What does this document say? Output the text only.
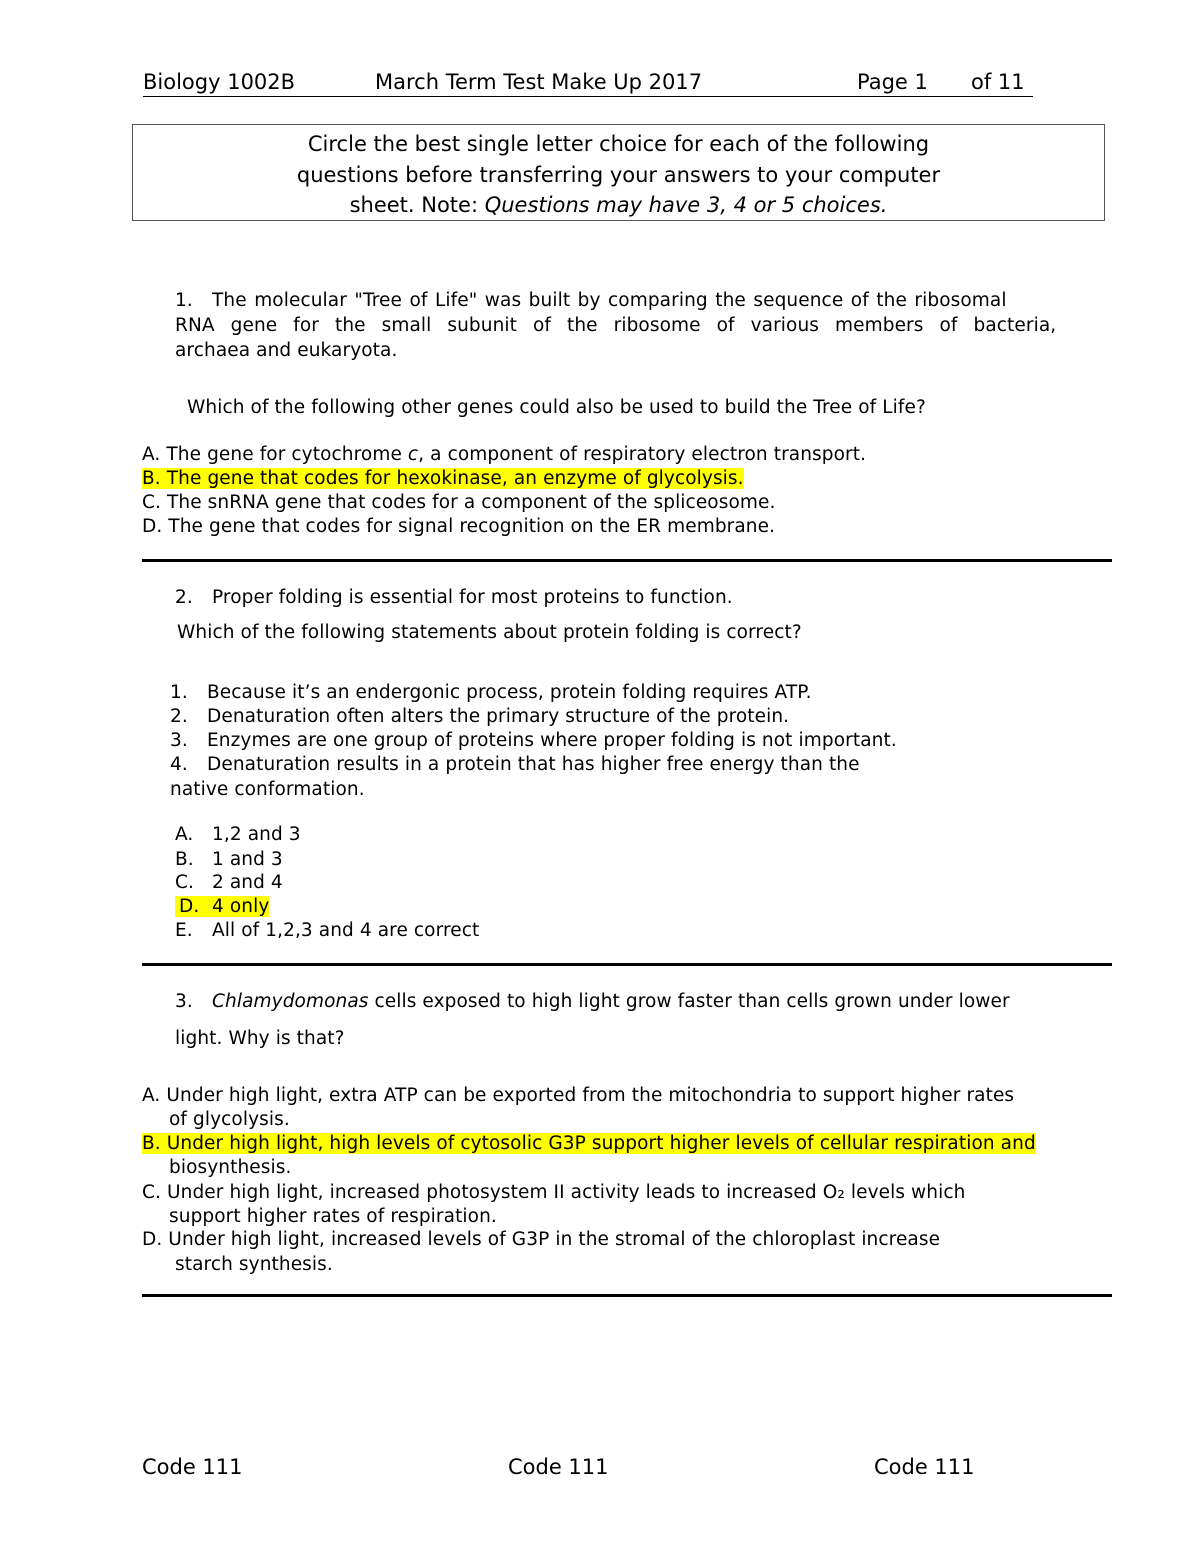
Biology 1002B	March Term Test Make Up 2017	Page 1 of 11
Circle the best single letter choice for each of the following
questions before transferring your answers to your computer
sheet. Note: Questions may have 3, 4 or 5 choices.
1. The molecular "Tree of Life" was built by comparing the sequence of the ribosomal
RNA gene for the small subunit of the ribosome of various members of bacteria,
archaea and eukaryota.
Which of the following other genes could also be used to build the Tree of Life?
A. The gene for cytochrome c, a component of respiratory electron transport.
B. The gene that codes for hexokinase, an enzyme of glycolysis.
C. The snRNA gene that codes for a component of the spliceosome.
D. The gene that codes for signal recognition on the ER membrane.
2. Proper folding is essential for most proteins to function.
Which of the following statements about protein folding is correct?
1. Because it’s an endergonic process, protein folding requires ATP.
2. Denaturation often alters the primary structure of the protein.
3. Enzymes are one group of proteins where proper folding is not important.
4. Denaturation results in a protein that has higher free energy than the
native conformation.
A. 1,2 and 3
B. 1 and 3
C. 2 and 4
D. 4 only
E. All of 1,2,3 and 4 are correct
3. Chlamydomonas cells exposed to high light grow faster than cells grown under lower
light. Why is that?
A. Under high light, extra ATP can be exported from the mitochondria to support higher rates
of glycolysis.
B. Under high light, high levels of cytosolic G3P support higher levels of cellular respiration and
biosynthesis.
C. Under high light, increased photosystem II activity leads to increased O₂ levels which
support higher rates of respiration.
D. Under high light, increased levels of G3P in the stromal of the chloroplast increase
starch synthesis.
Code 111	Code 111	Code 111
